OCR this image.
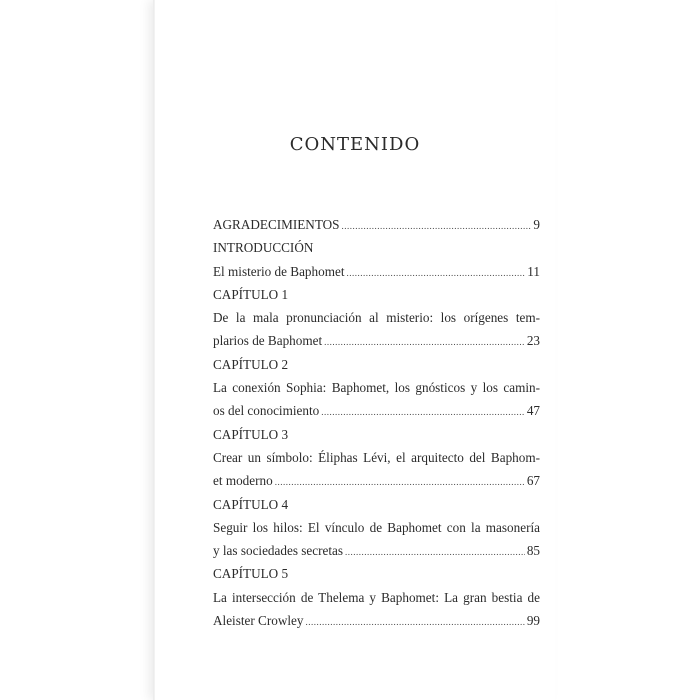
CONTENIDO
AGRADECIMIENTOS .....	9
INTRODUCCIÓN
El misterio de Baphomet .....	11
CAPÍTULO 1
De la mala pronunciación al misterio: los orígenes tem-
plarios de Baphomet .....	23
CAPÍTULO 2
La conexión Sophia: Baphomet, los gnósticos y los camin-
os del conocimiento .....	47
CAPÍTULO 3
Crear un símbolo: Éliphas Lévi, el arquitecto del Baphom-
et moderno .....	67
CAPÍTULO 4
Seguir los hilos: El vínculo de Baphomet con la masonería
y las sociedades secretas .....	85
CAPÍTULO 5
La intersección de Thelema y Baphomet: La gran bestia de
Aleister Crowley .....	99
